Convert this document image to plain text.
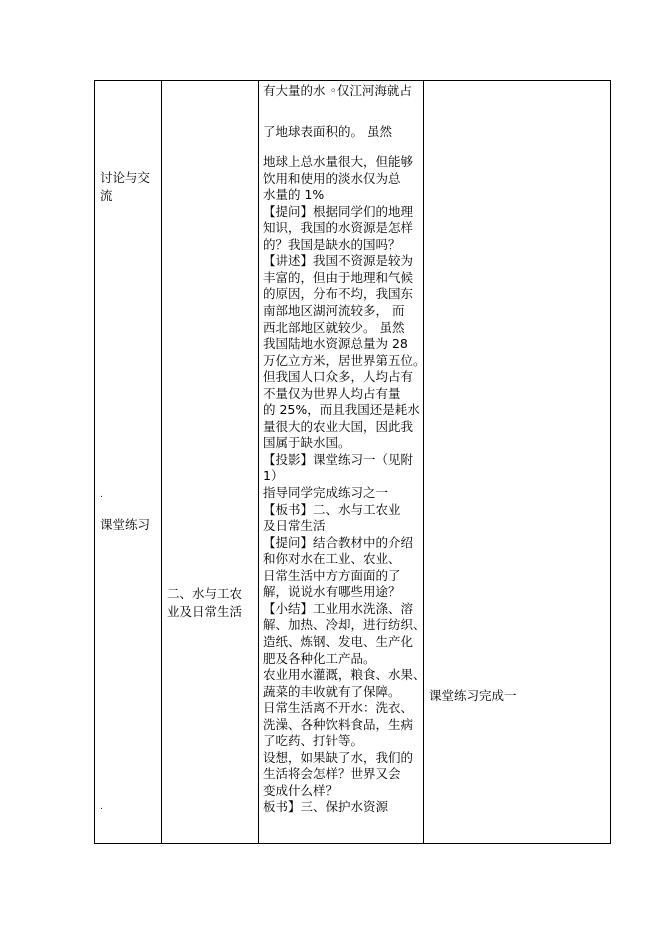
讨论与交
流
.
课堂练习
.
二、水与工农
业及日常生活
有大量的水 ◦仅江河海就占
了地球表面积的。 虽然
地球上总水量很大，但能够
饮用和使用的淡水仅为总
水量的 1%
【提问】根据同学们的地理
知识，我国的水资源是怎样
的？我国是缺水的国吗？
【讲述】我国不资源是较为
丰富的，但由于地理和气候
的原因，分布不均，我国东
南部地区湖河流较多， 而
西北部地区就较少。 虽然
我国陆地水资源总量为 28
万亿立方米，居世界第五位。
但我国人口众多，人均占有
不量仅为世界人均占有量
的 25%，而且我国还是耗水
量很大的农业大国，因此我
国属于缺水国。
【投影】课堂练习一（见附
1）
指导同学完成练习之一
【板书】二、水与工农业
及日常生活
【提问】结合教材中的介绍
和你对水在工业、农业、
日常生活中方方面面的了
解，说说水有哪些用途？
【小结】工业用水洗涤、溶
解、加热、冷却，进行纺织、
造纸、炼钢、发电、生产化
肥及各种化工产品。
农业用水灌溉，粮食、水果、
蔬菜的丰收就有了保障。
日常生活离不开水：洗衣、
洗澡、各种饮料食品，生病
了吃药、打针等。
设想，如果缺了水，我们的
生活将会怎样？世界又会
变成什么样？
板书】三、保护水资源
课堂练习完成一
